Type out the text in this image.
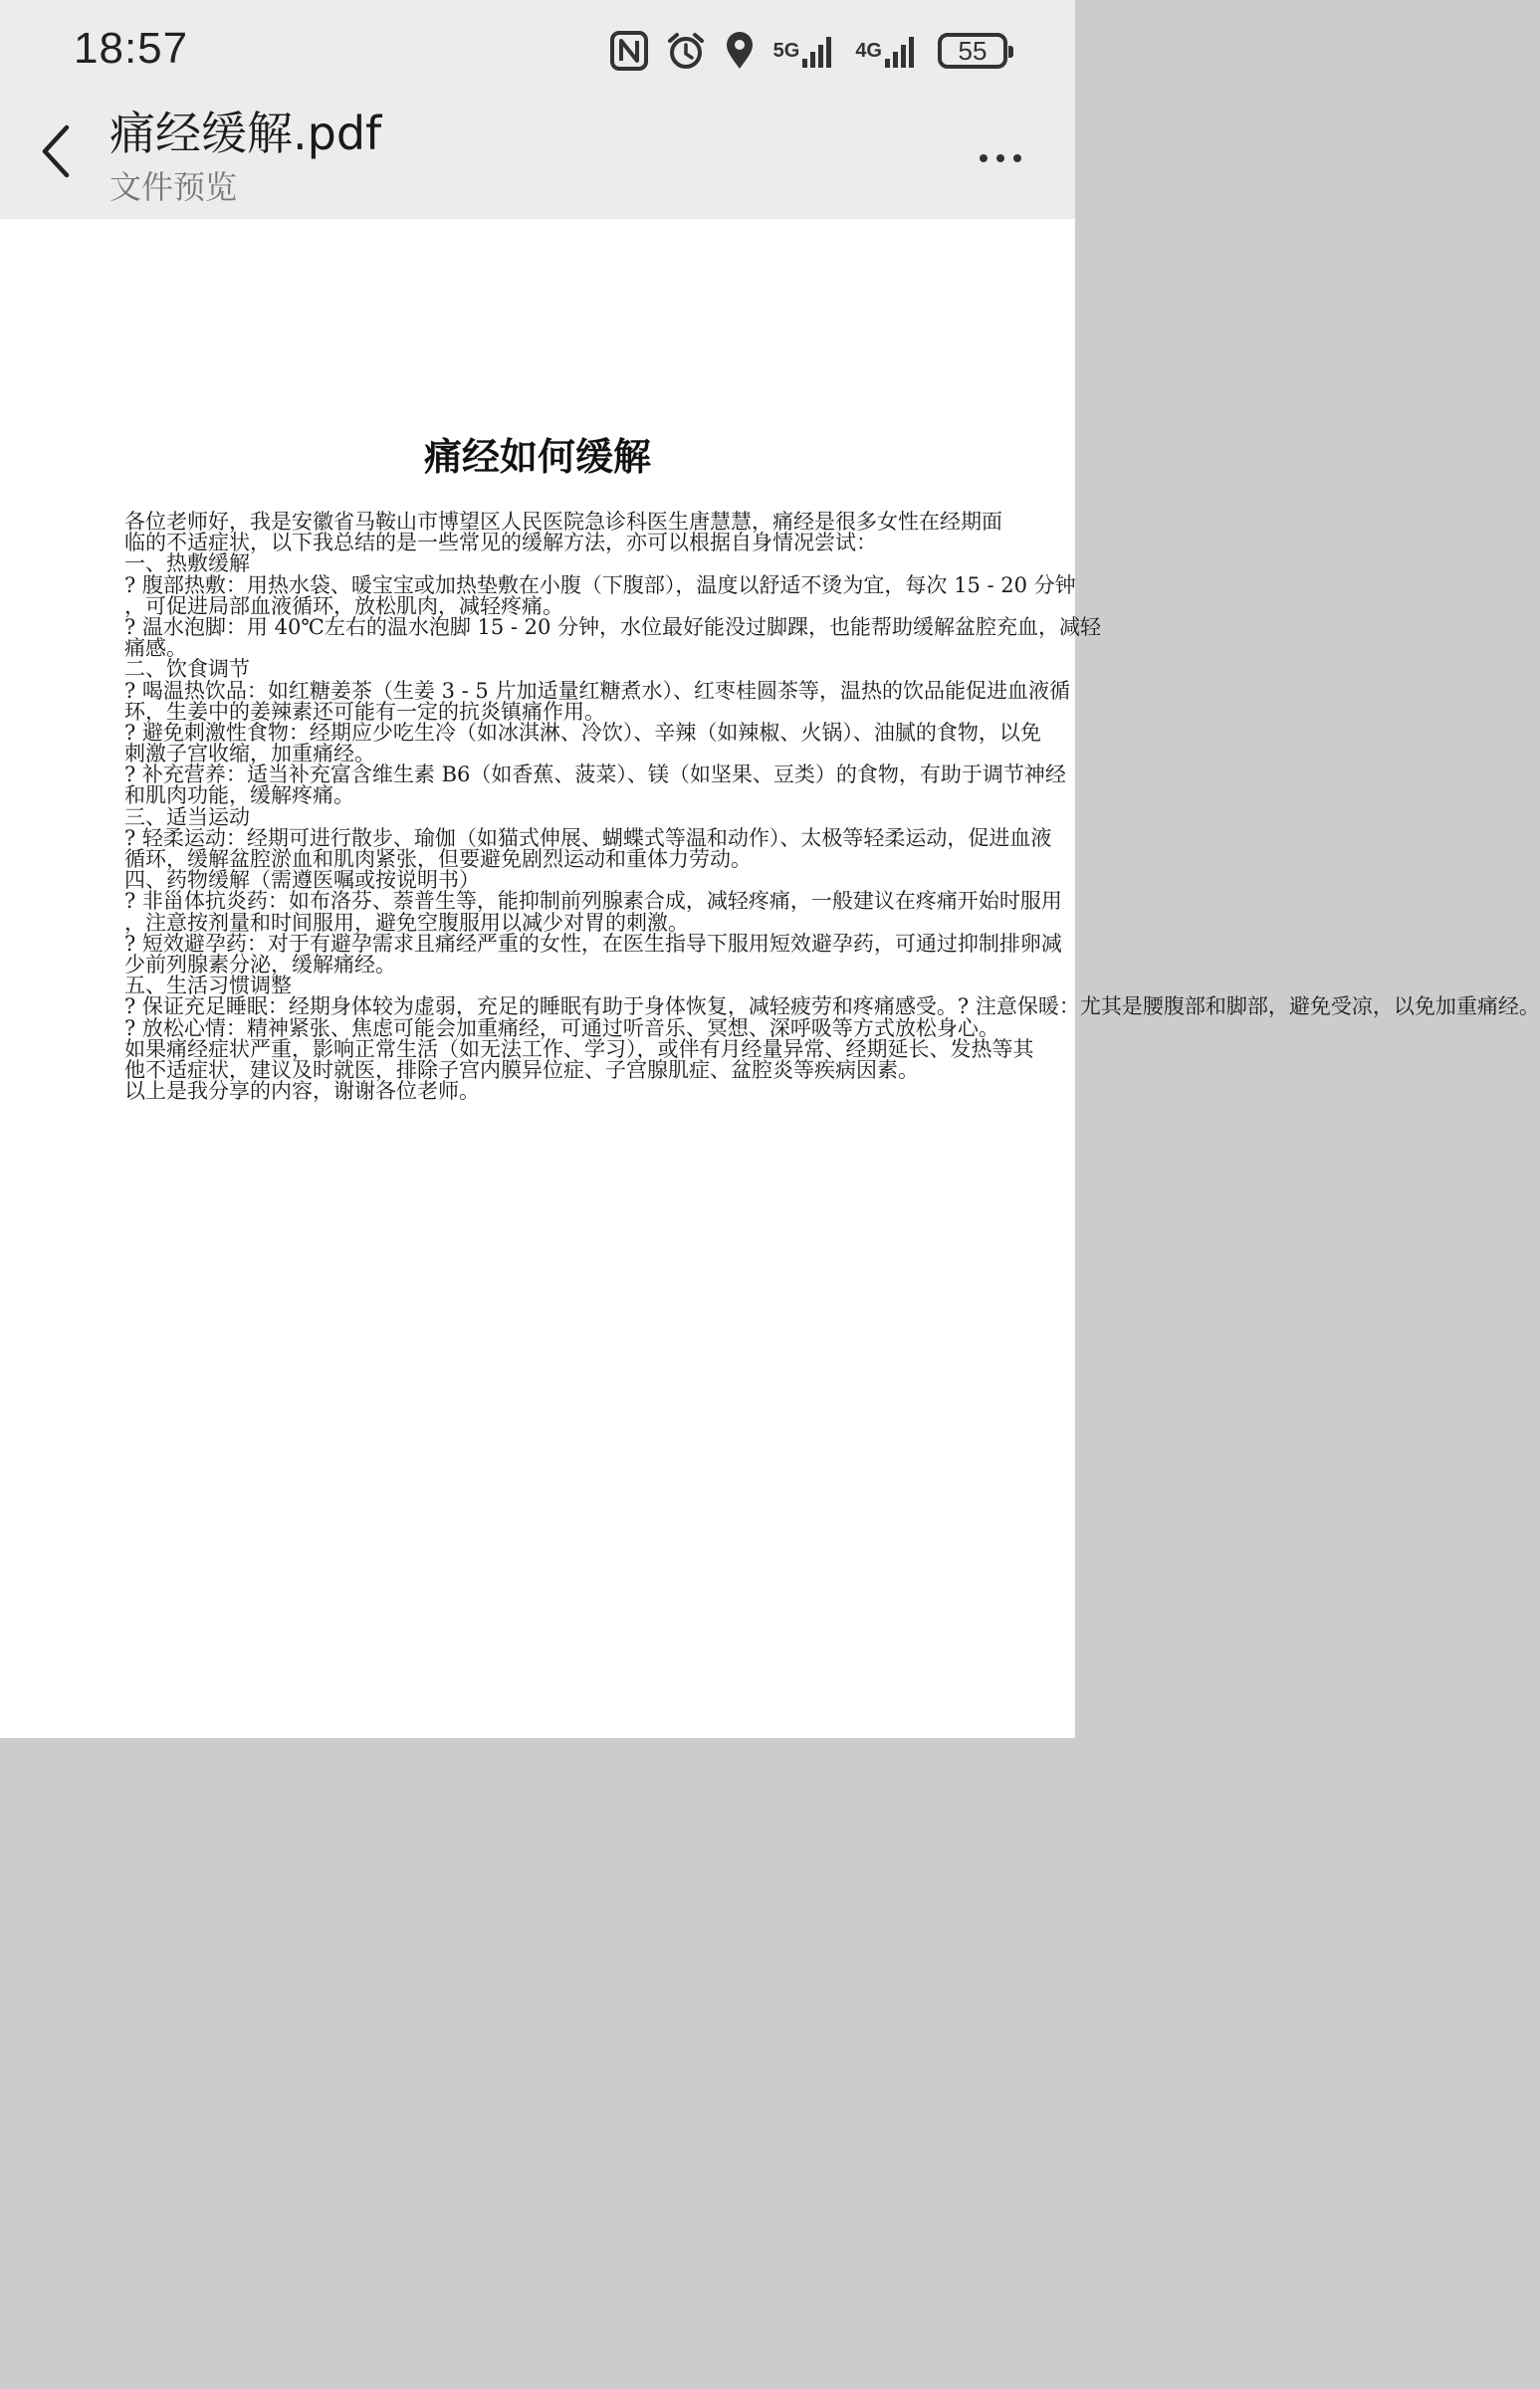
18:57	5G	4G	55
痛经缓解.pdf
文件预览
痛经如何缓解
各位老师好，我是安徽省马鞍山市博望区人民医院急诊科医生唐慧慧，痛经是很多女性在经期面
临的不适症状，以下我总结的是一些常见的缓解方法，亦可以根据自身情况尝试：
一、热敷缓解
? 腹部热敷：用热水袋、暖宝宝或加热垫敷在小腹（下腹部），温度以舒适不烫为宜，每次 15 - 20 分钟
，可促进局部血液循环，放松肌肉，减轻疼痛。
? 温水泡脚：用 40℃左右的温水泡脚 15 - 20 分钟，水位最好能没过脚踝，也能帮助缓解盆腔充血，减轻
痛感。
二、饮食调节
? 喝温热饮品：如红糖姜茶（生姜 3 - 5 片加适量红糖煮水）、红枣桂圆茶等，温热的饮品能促进血液循
环，生姜中的姜辣素还可能有一定的抗炎镇痛作用。
? 避免刺激性食物：经期应少吃生冷（如冰淇淋、冷饮）、辛辣（如辣椒、火锅）、油腻的食物，以免
刺激子宫收缩，加重痛经。
? 补充营养：适当补充富含维生素 B6（如香蕉、菠菜）、镁（如坚果、豆类）的食物，有助于调节神经
和肌肉功能，缓解疼痛。
三、适当运动
? 轻柔运动：经期可进行散步、瑜伽（如猫式伸展、蝴蝶式等温和动作）、太极等轻柔运动，促进血液
循环，缓解盆腔淤血和肌肉紧张，但要避免剧烈运动和重体力劳动。
四、药物缓解（需遵医嘱或按说明书）
? 非甾体抗炎药：如布洛芬、萘普生等，能抑制前列腺素合成，减轻疼痛，一般建议在疼痛开始时服用
，注意按剂量和时间服用，避免空腹服用以减少对胃的刺激。
? 短效避孕药：对于有避孕需求且痛经严重的女性，在医生指导下服用短效避孕药，可通过抑制排卵减
少前列腺素分泌，缓解痛经。
五、生活习惯调整
? 保证充足睡眠：经期身体较为虚弱，充足的睡眠有助于身体恢复，减轻疲劳和疼痛感受。? 注意保暖：尤其是腰腹部和脚部，避免受凉，以免加重痛经。
? 放松心情：精神紧张、焦虑可能会加重痛经，可通过听音乐、冥想、深呼吸等方式放松身心。
如果痛经症状严重，影响正常生活（如无法工作、学习），或伴有月经量异常、经期延长、发热等其
他不适症状，建议及时就医，排除子宫内膜异位症、子宫腺肌症、盆腔炎等疾病因素。
以上是我分享的内容，谢谢各位老师。
